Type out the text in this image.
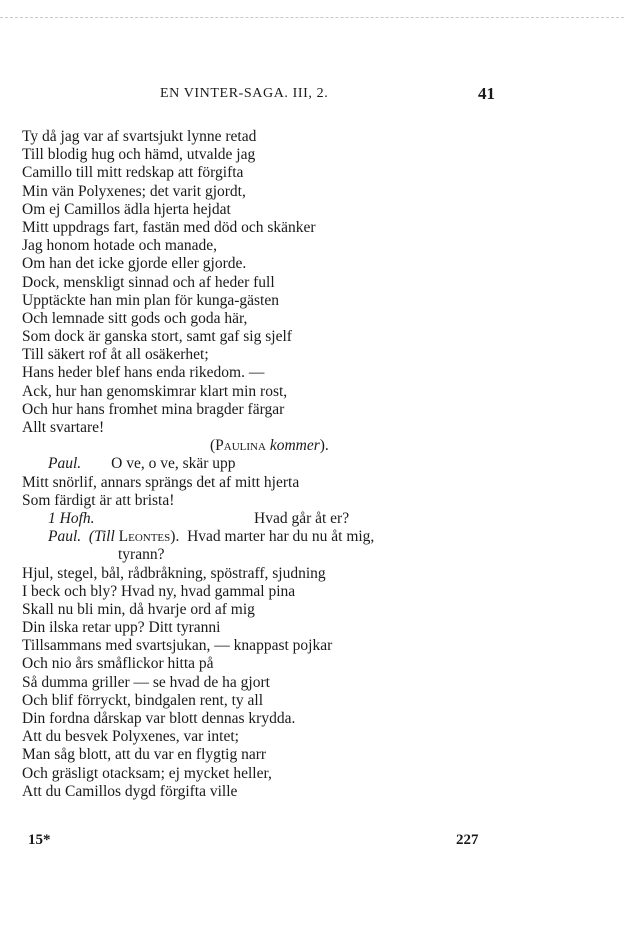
EN VINTER-SAGA. III, 2.	41
Ty då jag var af svartsjukt lynne retad
Till blodig hug och hämd, utvalde jag
Camillo till mitt redskap att förgifta
Min vän Polyxenes; det varit gjordt,
Om ej Camillos ädla hjerta hejdat
Mitt uppdrags fart, fastän med död och skänker
Jag honom hotade och manade,
Om han det icke gjorde eller gjorde.
Dock, menskligt sinnad och af heder full
Upptäckte han min plan för kunga-gästen
Och lemnade sitt gods och goda här,
Som dock är ganska stort, samt gaf sig sjelf
Till säkert rof åt all osäkerhet;
Hans heder blef hans enda rikedom. —
Ack, hur han genomskimrar klart min rost,
Och hur hans fromhet mina bragder färgar
Allt svartare!
(Paulina kommer).
Paul. O ve, o ve, skär upp
Mitt snörlif, annars sprängs det af mitt hjerta
Som färdigt är att brista!
1 Hofh.	Hvad går åt er?
Paul. (Till Leontes). Hvad marter har du nu åt mig,
tyrann?
Hjul, stegel, bål, rådbråkning, spöstraff, sjudning
I beck och bly? Hvad ny, hvad gammal pina
Skall nu bli min, då hvarje ord af mig
Din ilska retar upp? Ditt tyranni
Tillsammans med svartsjukan, — knappast pojkar
Och nio års småflickor hitta på
Så dumma griller — se hvad de ha gjort
Och blif förryckt, bindgalen rent, ty all
Din fordna dårskap var blott dennas krydda.
Att du besvek Polyxenes, var intet;
Man såg blott, att du var en flygtig narr
Och gräsligt otacksam; ej mycket heller,
Att du Camillos dygd förgifta ville
15*	227
